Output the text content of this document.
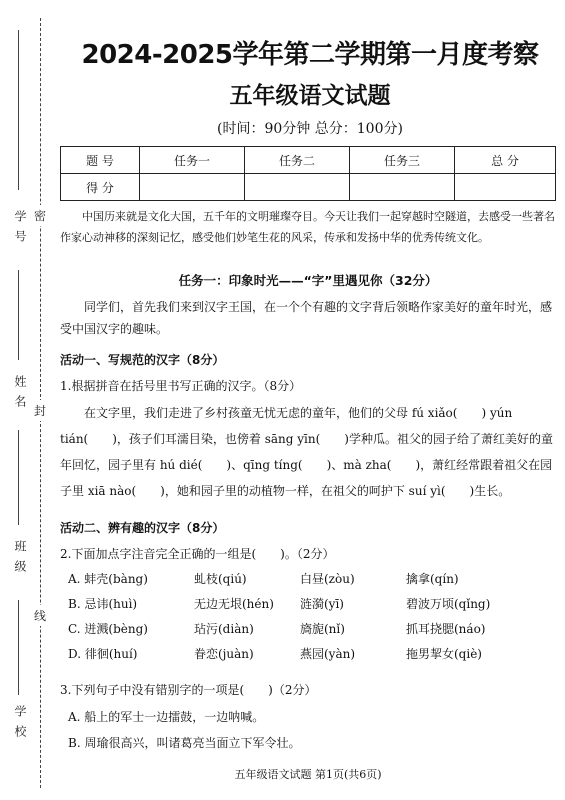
学号
姓名
班级
学校
密
封
线
2024-2025学年第二学期第一月度考察
五年级语文试题
(时间：90分钟 总分：100分)
题 号	任务一	任务二	任务三	总 分
得 分				
中国历来就是文化大国，五千年的文明璀璨夺目。今天让我们一起穿越时空隧道，去感受一些著名作家心动神移的深刻记忆，感受他们妙笔生花的风采，传承和发扬中华的优秀传统文化。
任务一：印象时光——“字”里遇见你（32分）
同学们，首先我们来到汉字王国，在一个个有趣的文字背后领略作家美好的童年时光，感受中国汉字的趣味。
活动一、写规范的汉字（8分）
1.根据拼音在括号里书写正确的汉字。（8分）
在文字里，我们走进了乡村孩童无忧无虑的童年，他们的父母 fú xiǎo(　　) yún tián(　　)，孩子们耳濡目染，也傍着 sāng yīn(　　)学种瓜。祖父的园子给了萧红美好的童年回忆，园子里有 hú dié(　　)、qīng tíng(　　)、mà zha(　　)，萧红经常跟着祖父在园子里 xiā nào(　　)，她和园子里的动植物一样，在祖父的呵护下 suí yì(　　)生长。
活动二、辨有趣的汉字（8分）
2.下面加点字注音完全正确的一组是(　　)。（2分）
A. 蚌壳(bàng)	虬枝(qiú)	白昼(zòu)	擒拿(qín)
B. 忌讳(huì)	无边无垠(hén) 涟漪(yī)	碧波万顷(qǐng)
C. 迸溅(bèng)	玷污(diàn)	旖旎(nǐ)	抓耳挠腮(náo)
D. 徘徊(huí)	眷恋(juàn)	燕园(yàn)	拖男挈女(qiè)
3.下列句子中没有错别字的一项是(　　)（2分）
A. 船上的军士一边擂鼓，一边呐喊。
B. 周瑜很高兴，叫诸葛亮当面立下军令壮。
五年级语文试题 第1页(共6页)
